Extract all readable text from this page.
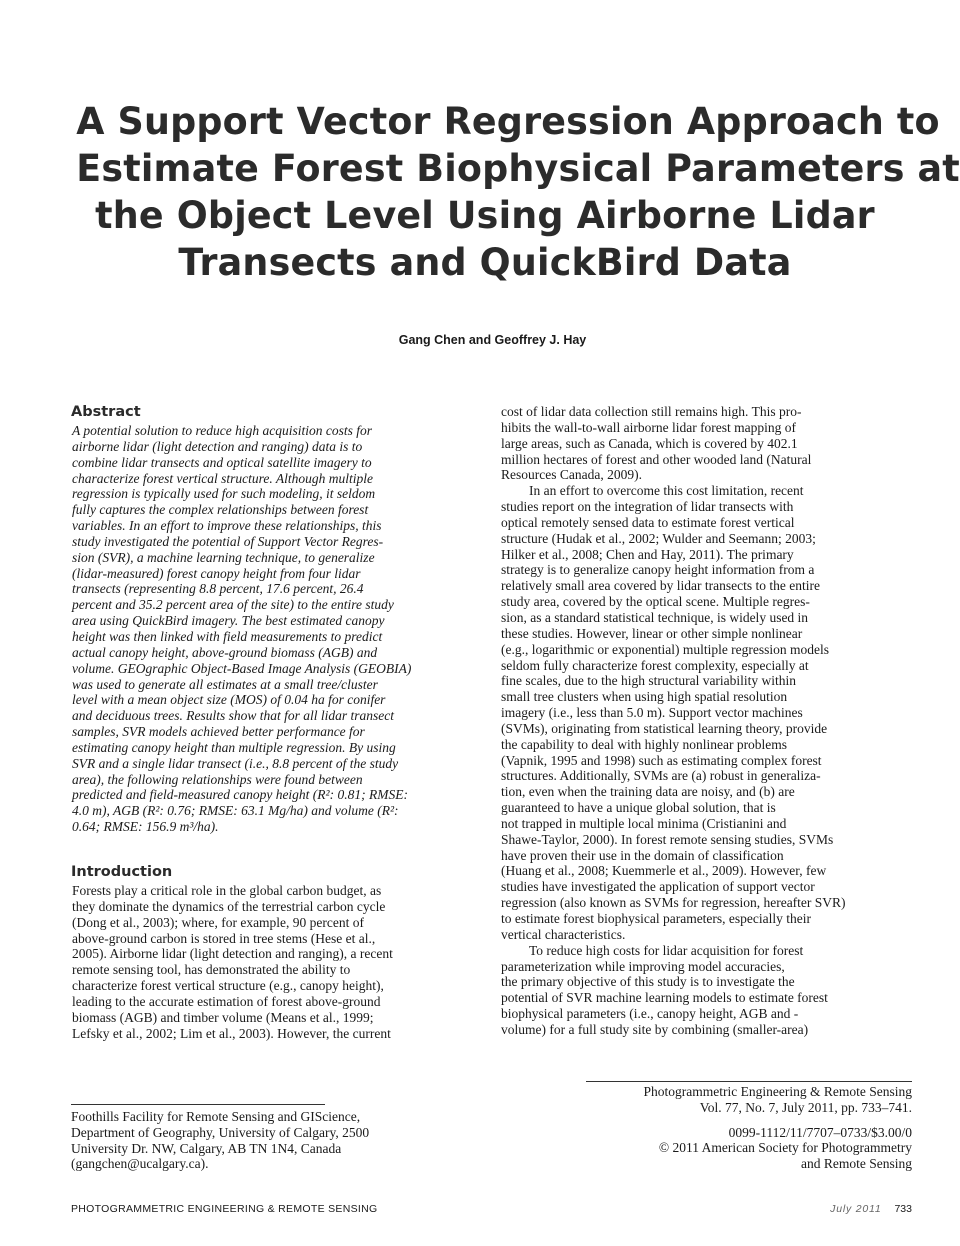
A Support Vector Regression Approach to
Estimate Forest Biophysical Parameters at
the Object Level Using Airborne Lidar
Transects and QuickBird Data
Gang Chen and Geoffrey J. Hay
Abstract
A potential solution to reduce high acquisition costs for
airborne lidar (light detection and ranging) data is to
combine lidar transects and optical satellite imagery to
characterize forest vertical structure. Although multiple
regression is typically used for such modeling, it seldom
fully captures the complex relationships between forest
variables. In an effort to improve these relationships, this
study investigated the potential of Support Vector Regres-
sion (SVR), a machine learning technique, to generalize
(lidar-measured) forest canopy height from four lidar
transects (representing 8.8 percent, 17.6 percent, 26.4
percent and 35.2 percent area of the site) to the entire study
area using QuickBird imagery. The best estimated canopy
height was then linked with field measurements to predict
actual canopy height, above-ground biomass (AGB) and
volume. GEOgraphic Object-Based Image Analysis (GEOBIA)
was used to generate all estimates at a small tree/cluster
level with a mean object size (MOS) of 0.04 ha for conifer
and deciduous trees. Results show that for all lidar transect
samples, SVR models achieved better performance for
estimating canopy height than multiple regression. By using
SVR and a single lidar transect (i.e., 8.8 percent of the study
area), the following relationships were found between
predicted and field-measured canopy height (R²: 0.81; RMSE:
4.0 m), AGB (R²: 0.76; RMSE: 63.1 Mg/ha) and volume (R²:
0.64; RMSE: 156.9 m³/ha).
Introduction
Forests play a critical role in the global carbon budget, as
they dominate the dynamics of the terrestrial carbon cycle
(Dong et al., 2003); where, for example, 90 percent of
above-ground carbon is stored in tree stems (Hese et al.,
2005). Airborne lidar (light detection and ranging), a recent
remote sensing tool, has demonstrated the ability to
characterize forest vertical structure (e.g., canopy height),
leading to the accurate estimation of forest above-ground
biomass (AGB) and timber volume (Means et al., 1999;
Lefsky et al., 2002; Lim et al., 2003). However, the current
cost of lidar data collection still remains high. This pro-
hibits the wall-to-wall airborne lidar forest mapping of
large areas, such as Canada, which is covered by 402.1
million hectares of forest and other wooded land (Natural
Resources Canada, 2009).
In an effort to overcome this cost limitation, recent
studies report on the integration of lidar transects with
optical remotely sensed data to estimate forest vertical
structure (Hudak et al., 2002; Wulder and Seemann; 2003;
Hilker et al., 2008; Chen and Hay, 2011). The primary
strategy is to generalize canopy height information from a
relatively small area covered by lidar transects to the entire
study area, covered by the optical scene. Multiple regres-
sion, as a standard statistical technique, is widely used in
these studies. However, linear or other simple nonlinear
(e.g., logarithmic or exponential) multiple regression models
seldom fully characterize forest complexity, especially at
fine scales, due to the high structural variability within
small tree clusters when using high spatial resolution
imagery (i.e., less than 5.0 m). Support vector machines
(SVMs), originating from statistical learning theory, provide
the capability to deal with highly nonlinear problems
(Vapnik, 1995 and 1998) such as estimating complex forest
structures. Additionally, SVMs are (a) robust in generaliza-
tion, even when the training data are noisy, and (b) are
guaranteed to have a unique global solution, that is
not trapped in multiple local minima (Cristianini and
Shawe-Taylor, 2000). In forest remote sensing studies, SVMs
have proven their use in the domain of classification
(Huang et al., 2008; Kuemmerle et al., 2009). However, few
studies have investigated the application of support vector
regression (also known as SVMs for regression, hereafter SVR)
to estimate forest biophysical parameters, especially their
vertical characteristics.
To reduce high costs for lidar acquisition for forest
parameterization while improving model accuracies,
the primary objective of this study is to investigate the
potential of SVR machine learning models to estimate forest
biophysical parameters (i.e., canopy height, AGB and -
volume) for a full study site by combining (smaller-area)
Foothills Facility for Remote Sensing and GIScience,
Department of Geography, University of Calgary, 2500
University Dr. NW, Calgary, AB TN 1N4, Canada
(gangchen@ucalgary.ca).
Photogrammetric Engineering & Remote Sensing
Vol. 77, No. 7, July 2011, pp. 733–741.
0099-1112/11/7707–0733/$3.00/0
© 2011 American Society for Photogrammetry
and Remote Sensing
PHOTOGRAMMETRIC ENGINEERING & REMOTE SENSING	July 2011 733
